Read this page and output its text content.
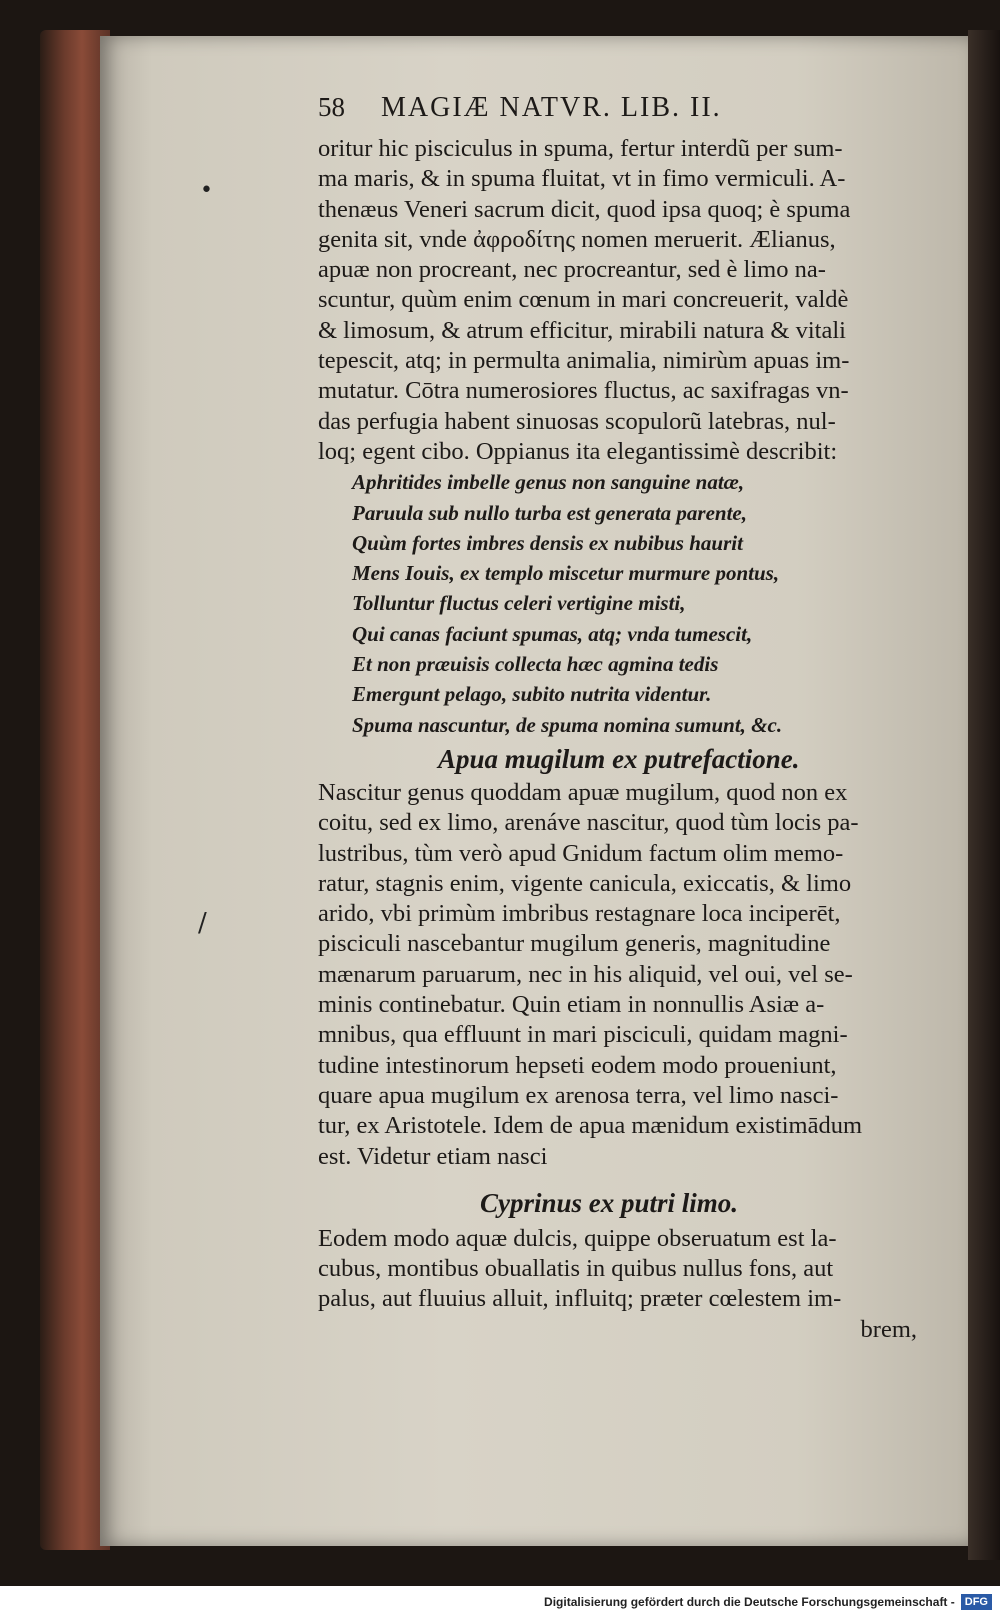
•
/
58 MAGIÆ NATVR. LIB. II.
oritur hic pisciculus in spuma, fertur interdũ per sum-
ma maris, & in spuma fluitat, vt in fimo vermiculi. A-
thenæus Veneri sacrum dicit, quod ipsa quoq; è spuma
genita sit, vnde ἀφροδίτης nomen meruerit. Ælianus,
apuæ non procreant, nec procreantur, sed è limo na-
scuntur, quùm enim cœnum in mari concreuerit, valdè
& limosum, & atrum efficitur, mirabili natura & vitali
tepescit, atq; in permulta animalia, nimirùm apuas im-
mutatur. Cōtra numerosiores fluctus, ac saxifragas vn-
das perfugia habent sinuosas scopulorũ latebras, nul-
loq; egent cibo. Oppianus ita elegantissimè describit:
Aphritides imbelle genus non sanguine natæ,
Paruula sub nullo turba est generata parente,
Quùm fortes imbres densis ex nubibus haurit
Mens Iouis, ex templo miscetur murmure pontus,
Tolluntur fluctus celeri vertigine misti,
Qui canas faciunt spumas, atq; vnda tumescit,
Et non præuisis collecta hæc agmina tedis
Emergunt pelago, subito nutrita videntur.
Spuma nascuntur, de spuma nomina sumunt, &c.
Apua mugilum ex putrefactione.
Nascitur genus quoddam apuæ mugilum, quod non ex
coitu, sed ex limo, arenáve nascitur, quod tùm locis pa-
lustribus, tùm verò apud Gnidum factum olim memo-
ratur, stagnis enim, vigente canicula, exiccatis, & limo
arido, vbi primùm imbribus restagnare loca inciperēt,
pisciculi nascebantur mugilum generis, magnitudine
mænarum paruarum, nec in his aliquid, vel oui, vel se-
minis continebatur. Quin etiam in nonnullis Asiæ a-
mnibus, qua effluunt in mari pisciculi, quidam magni-
tudine intestinorum hepseti eodem modo proueniunt,
quare apua mugilum ex arenosa terra, vel limo nasci-
tur, ex Aristotele. Idem de apua mænidum existimādum
est. Videtur etiam nasci
Cyprinus ex putri limo.
Eodem modo aquæ dulcis, quippe obseruatum est la-
cubus, montibus obuallatis in quibus nullus fons, aut
palus, aut fluuius alluit, influitq; præter cœlestem im-
brem,
Digitalisierung gefördert durch die Deutsche Forschungsgemeinschaft - DFG
